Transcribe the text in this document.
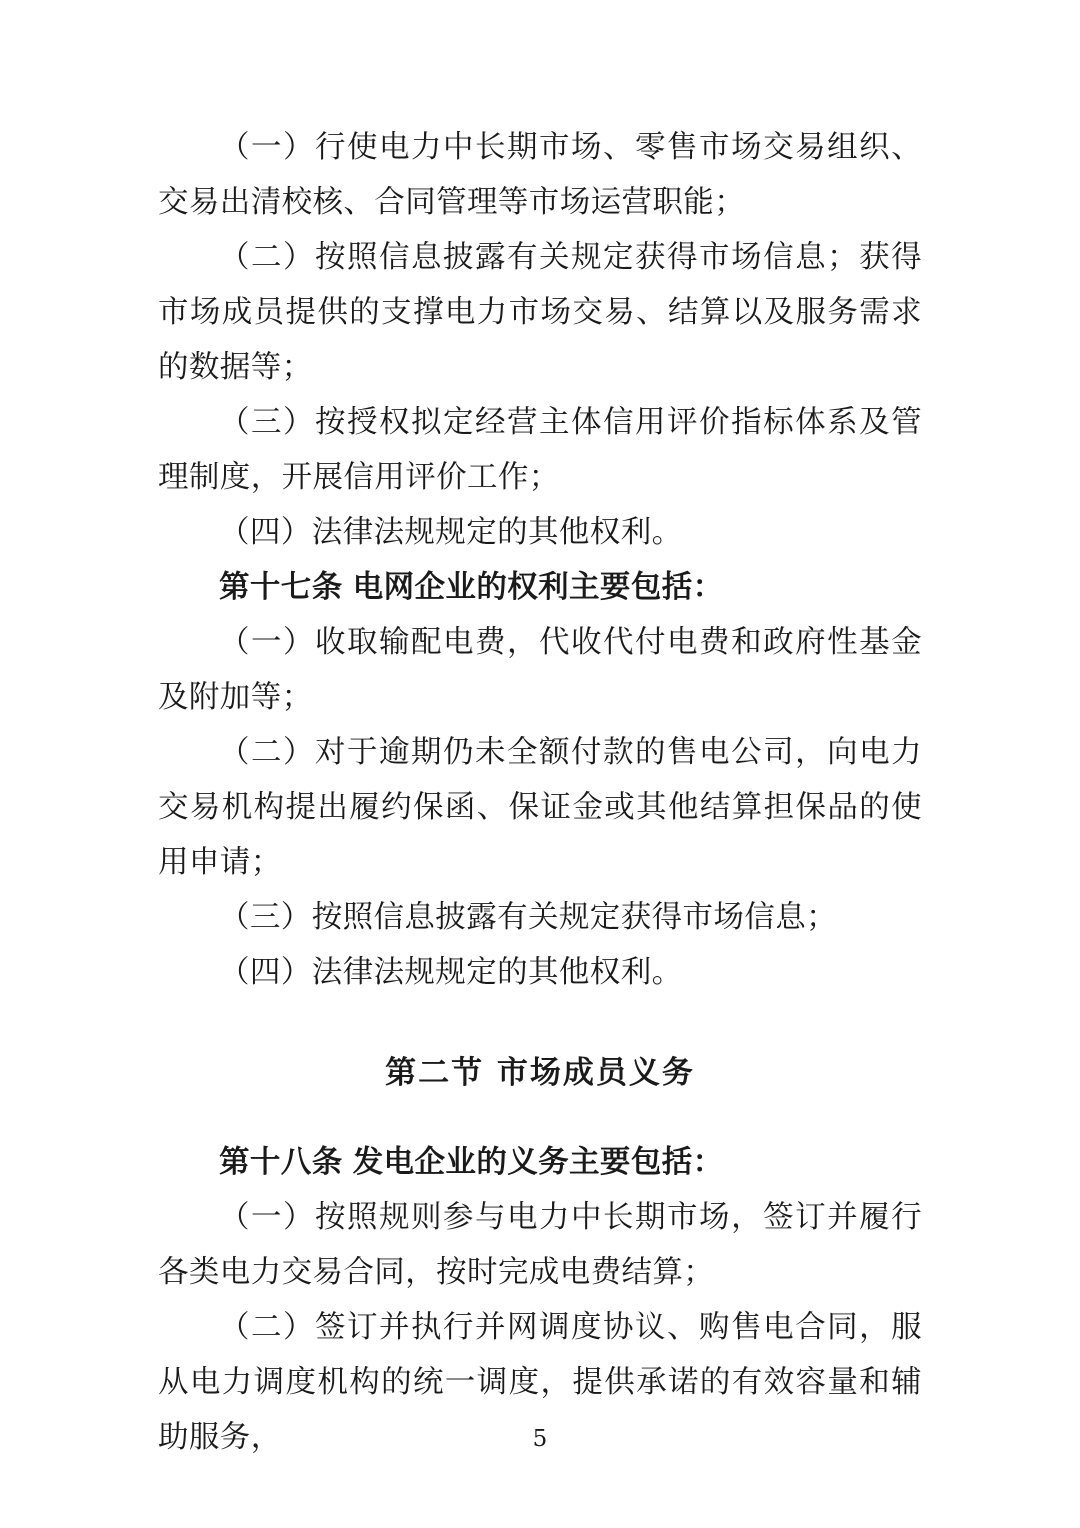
（一）行使电力中长期市场、零售市场交易组织、交易出清校核、合同管理等市场运营职能；

（二）按照信息披露有关规定获得市场信息；获得市场成员提供的支撑电力市场交易、结算以及服务需求的数据等；

（三）按授权拟定经营主体信用评价指标体系及管理制度，开展信用评价工作；

（四）法律法规规定的其他权利。

第十七条 电网企业的权利主要包括：

（一）收取输配电费，代收代付电费和政府性基金及附加等；

（二）对于逾期仍未全额付款的售电公司，向电力交易机构提出履约保函、保证金或其他结算担保品的使用申请；

（三）按照信息披露有关规定获得市场信息；

（四）法律法规规定的其他权利。

第二节 市场成员义务

第十八条 发电企业的义务主要包括：

（一）按照规则参与电力中长期市场，签订并履行各类电力交易合同，按时完成电费结算；

（二）签订并执行并网调度协议、购售电合同，服从电力调度机构的统一调度，提供承诺的有效容量和辅助服务，	5
